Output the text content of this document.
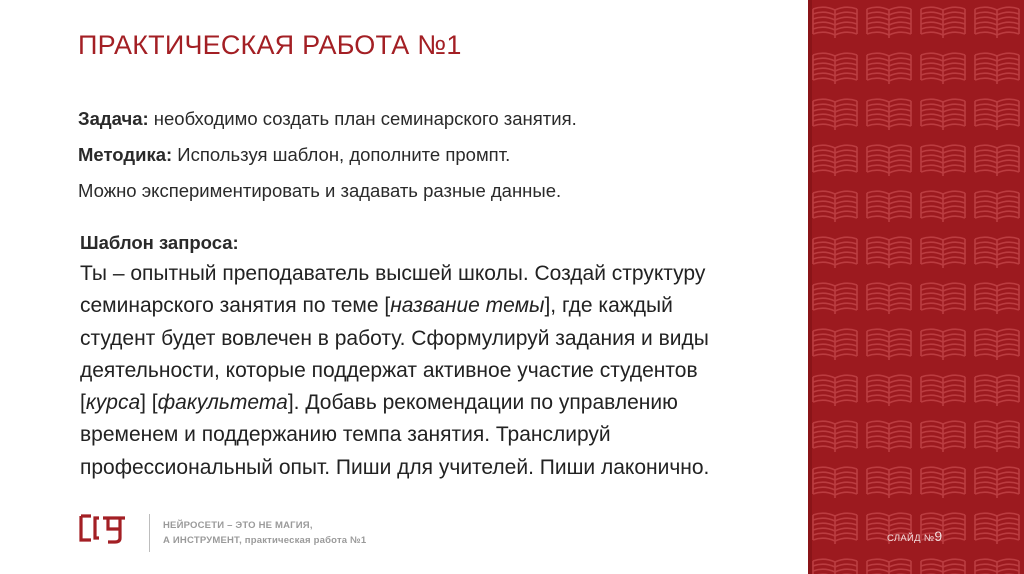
ПРАКТИЧЕСКАЯ РАБОТА №1
Задача: необходимо создать план семинарского занятия.
Методика: Используя шаблон, дополните промпт.
Можно экспериментировать и задавать разные данные.
Шаблон запроса:

Ты – опытный преподаватель высшей школы. Создай структуру

семинарского занятия по теме [название темы], где каждый

студент будет вовлечен в работу. Сформулируй задания и виды

деятельности, которые поддержат активное участие студентов

[курса] [факультета]. Добавь рекомендации по управлению

временем и поддержанию темпа занятия. Транслируй

профессиональный опыт. Пиши для учителей. Пиши лаконично.

НЕЙРОСЕТИ – ЭТО НЕ МАГИЯ,
А ИНСТРУМЕНТ, практическая работа №1	СЛАЙД №9
